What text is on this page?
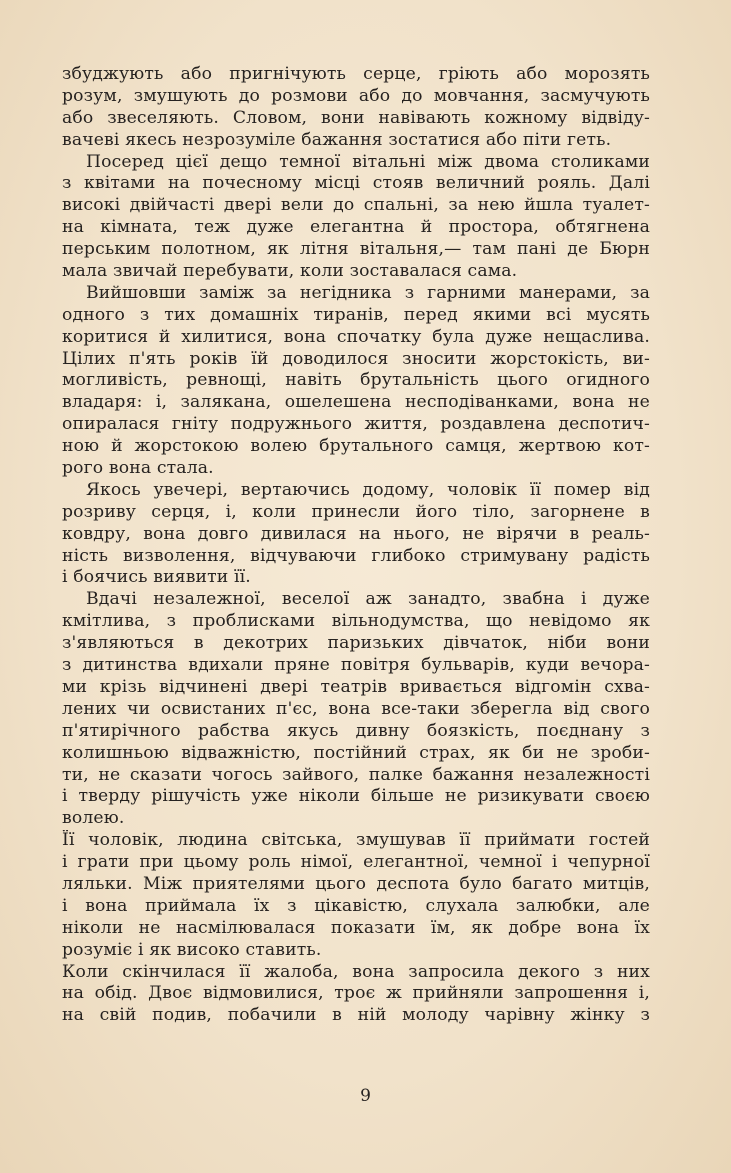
збуджують або пригнічують серце, гріють або морозять
розум, змушують до розмови або до мовчання, засмучують
або звеселяють. Словом, вони навівають кожному відвіду-
вачеві якесь незрозуміле бажання зостатися або піти геть.
Посеред цієї дещо темної вітальні між двома столиками
з квітами на почесному місці стояв величний рояль. Далі
високі двійчасті двері вели до спальні, за нею йшла туалет-
на кімната, теж дуже елегантна й простора, обтягнена
перським полотном, як літня вітальня,— там пані де Бюрн
мала звичай перебувати, коли зоставалася сама.
Вийшовши заміж за негідника з гарними манерами, за
одного з тих домашніх тиранів, перед якими всі мусять
коритися й хилитися, вона спочатку була дуже нещаслива.
Цілих п'ять років їй доводилося зносити жорстокість, ви-
могливість, ревнощі, навіть брутальність цього огидного
владаря: і, залякана, ошелешена несподіванками, вона не
опиралася гніту подружнього життя, роздавлена деспотич-
ною й жорстокою волею брутального самця, жертвою кот-
рого вона стала.
Якось увечері, вертаючись додому, чоловік її помер від
розриву серця, і, коли принесли його тіло, загорнене в
ковдру, вона довго дивилася на нього, не вірячи в реаль-
ність визволення, відчуваючи глибоко стримувану радість
і боячись виявити її.
Вдачі незалежної, веселої аж занадто, звабна і дуже
кмітлива, з проблисками вільнодумства, що невідомо як
з'являються в декотрих паризьких дівчаток, ніби вони
з дитинства вдихали пряне повітря бульварів, куди вечора-
ми крізь відчинені двері театрів вривається відгомін схва-
лених чи освистаних п'єс, вона все-таки зберегла від свого
п'ятирічного рабства якусь дивну боязкість, поєднану з
колишньою відважністю, постійний страх, як би не зроби-
ти, не сказати чогось зайвого, палке бажання незалежності
і тверду рішучість уже ніколи більше не ризикувати своєю
волею.
Її чоловік, людина світська, змушував її приймати гостей
і грати при цьому роль німої, елегантної, чемної і чепурної
ляльки. Між приятелями цього деспота було багато митців,
і вона приймала їх з цікавістю, слухала залюбки, але
ніколи не насмілювалася показати їм, як добре вона їх
розуміє і як високо ставить.
Коли скінчилася її жалоба, вона запросила декого з них
на обід. Двоє відмовилися, троє ж прийняли запрошення і,
на свій подив, побачили в ній молоду чарівну жінку з
9
